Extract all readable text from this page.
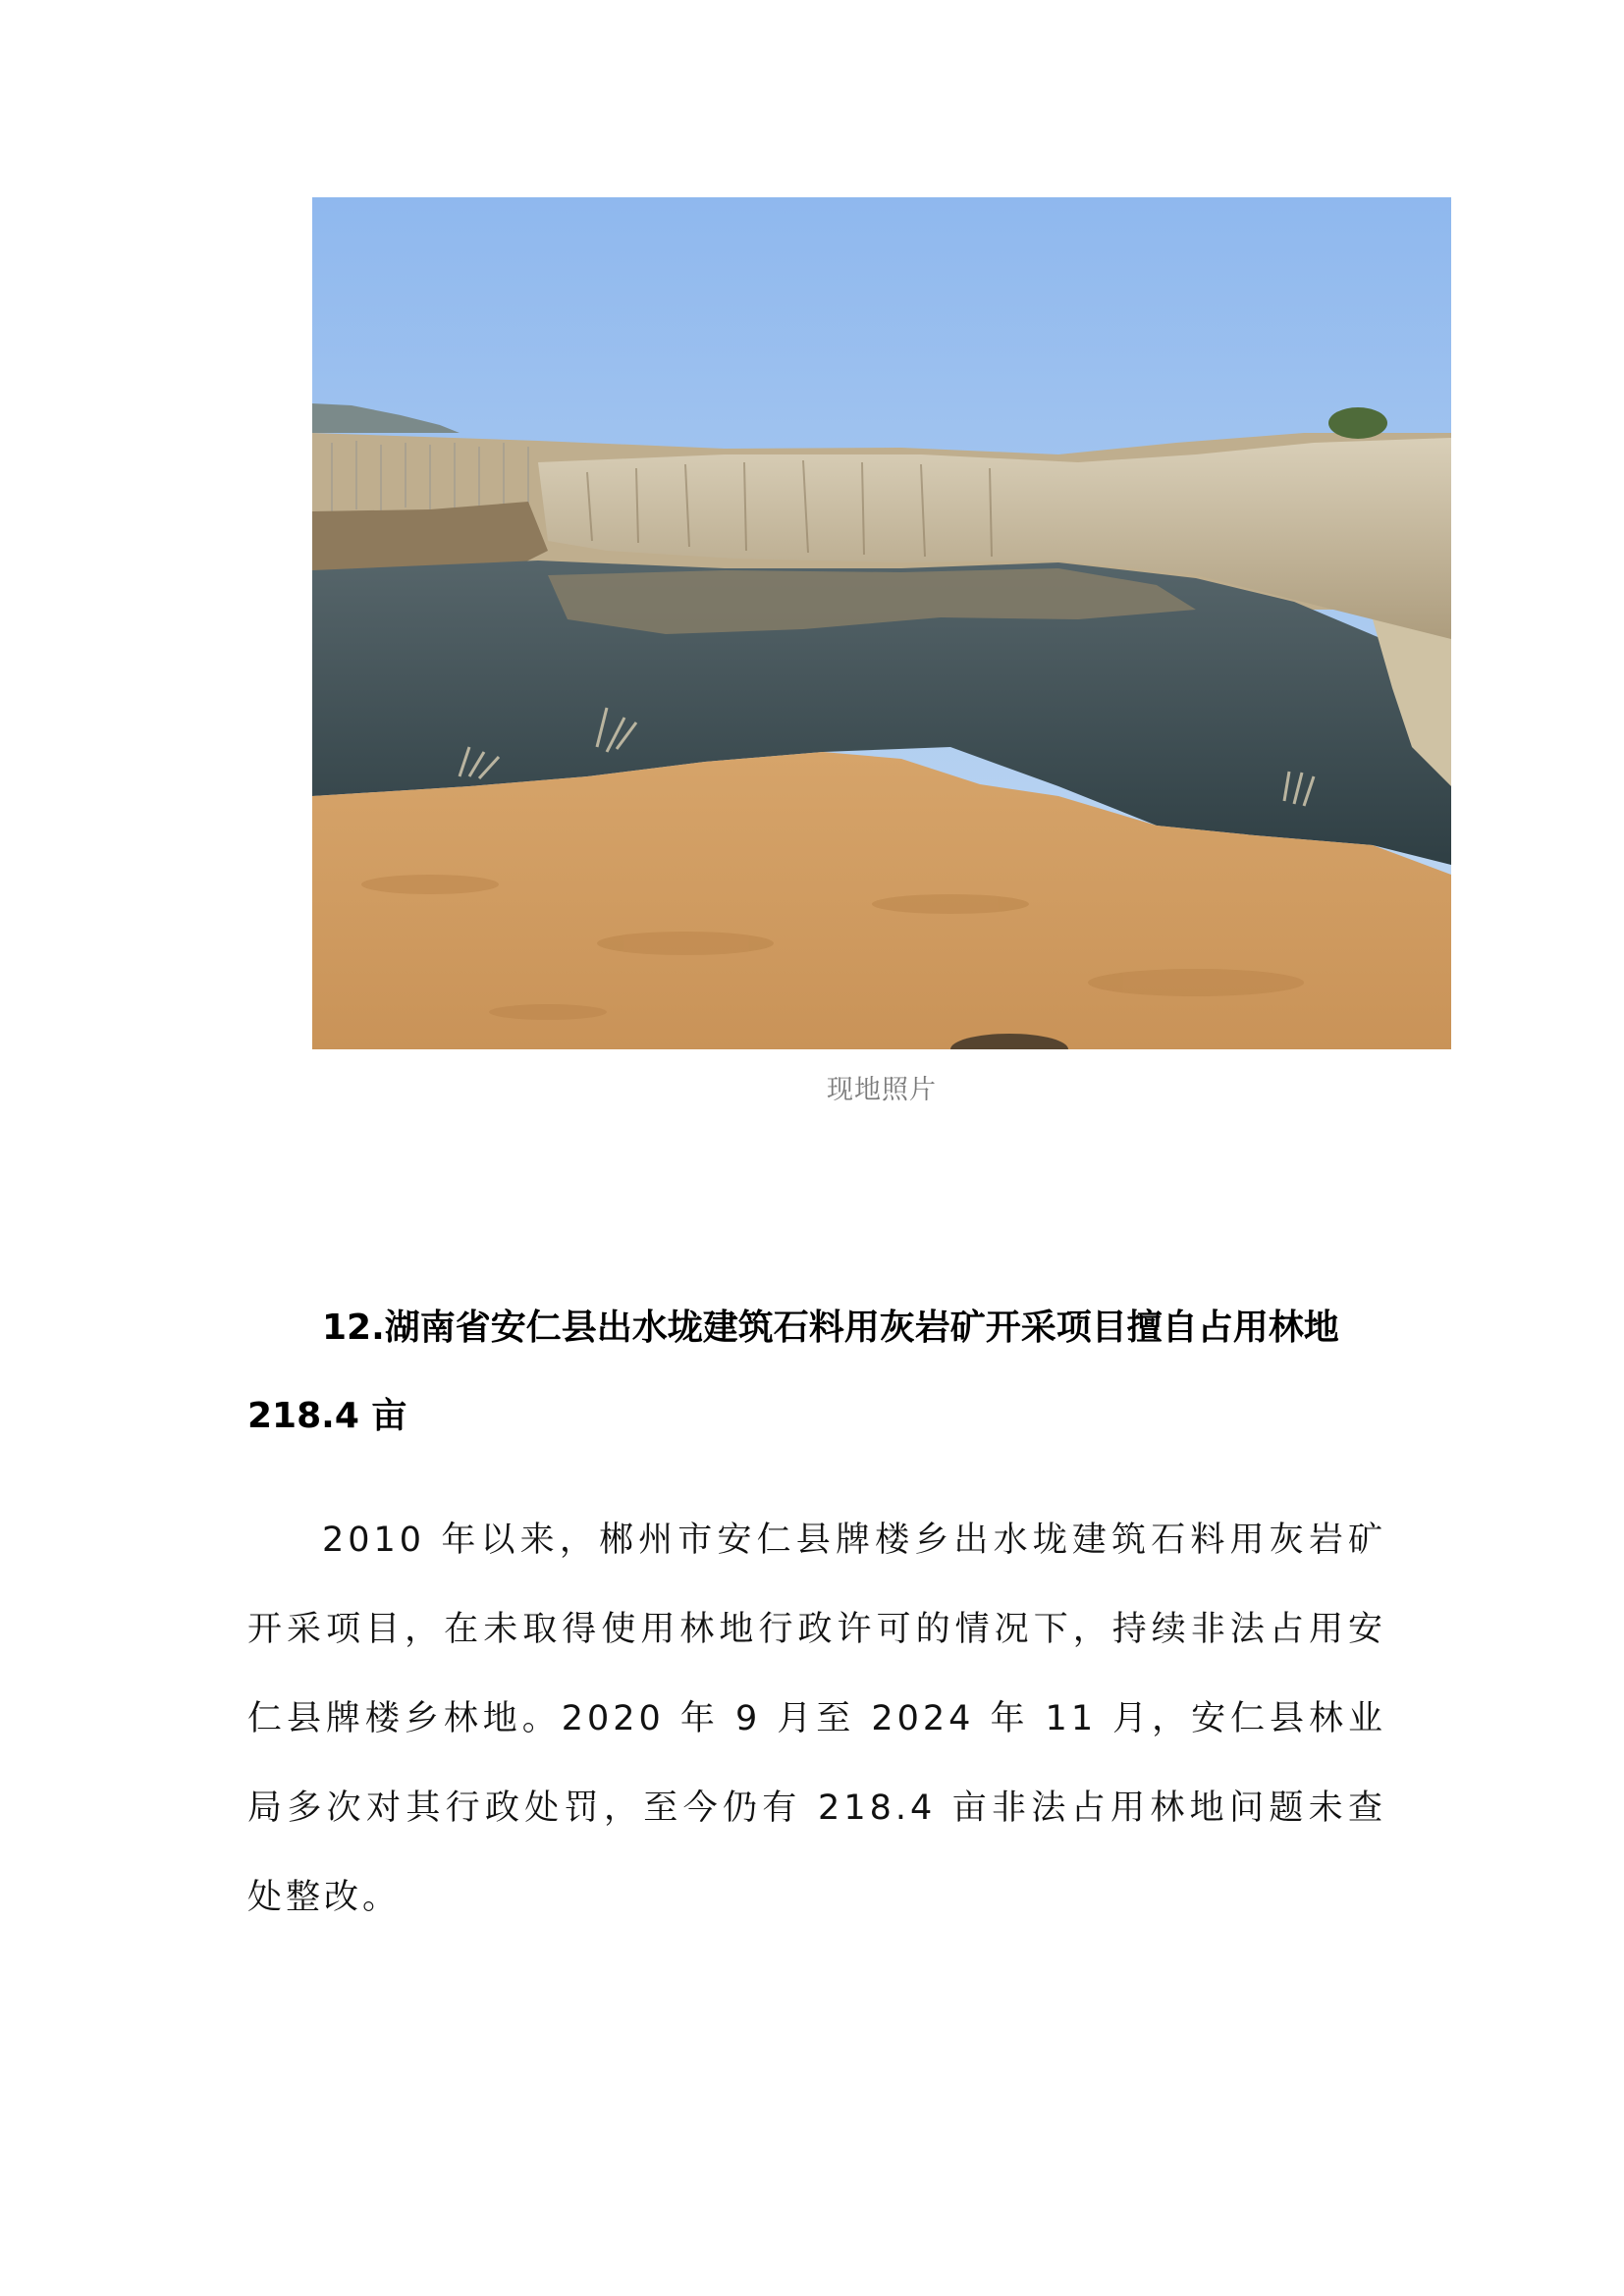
现地照片

12.湖南省安仁县出水垅建筑石料用灰岩矿开采项目擅自占用林地 218.4 亩

2010 年以来，郴州市安仁县牌楼乡出水垅建筑石料用灰岩矿开采项目，在未取得使用林地行政许可的情况下，持续非法占用安仁县牌楼乡林地。2020 年 9 月至 2024 年 11 月，安仁县林业局多次对其行政处罚，至今仍有 218.4 亩非法占用林地问题未查处整改。
